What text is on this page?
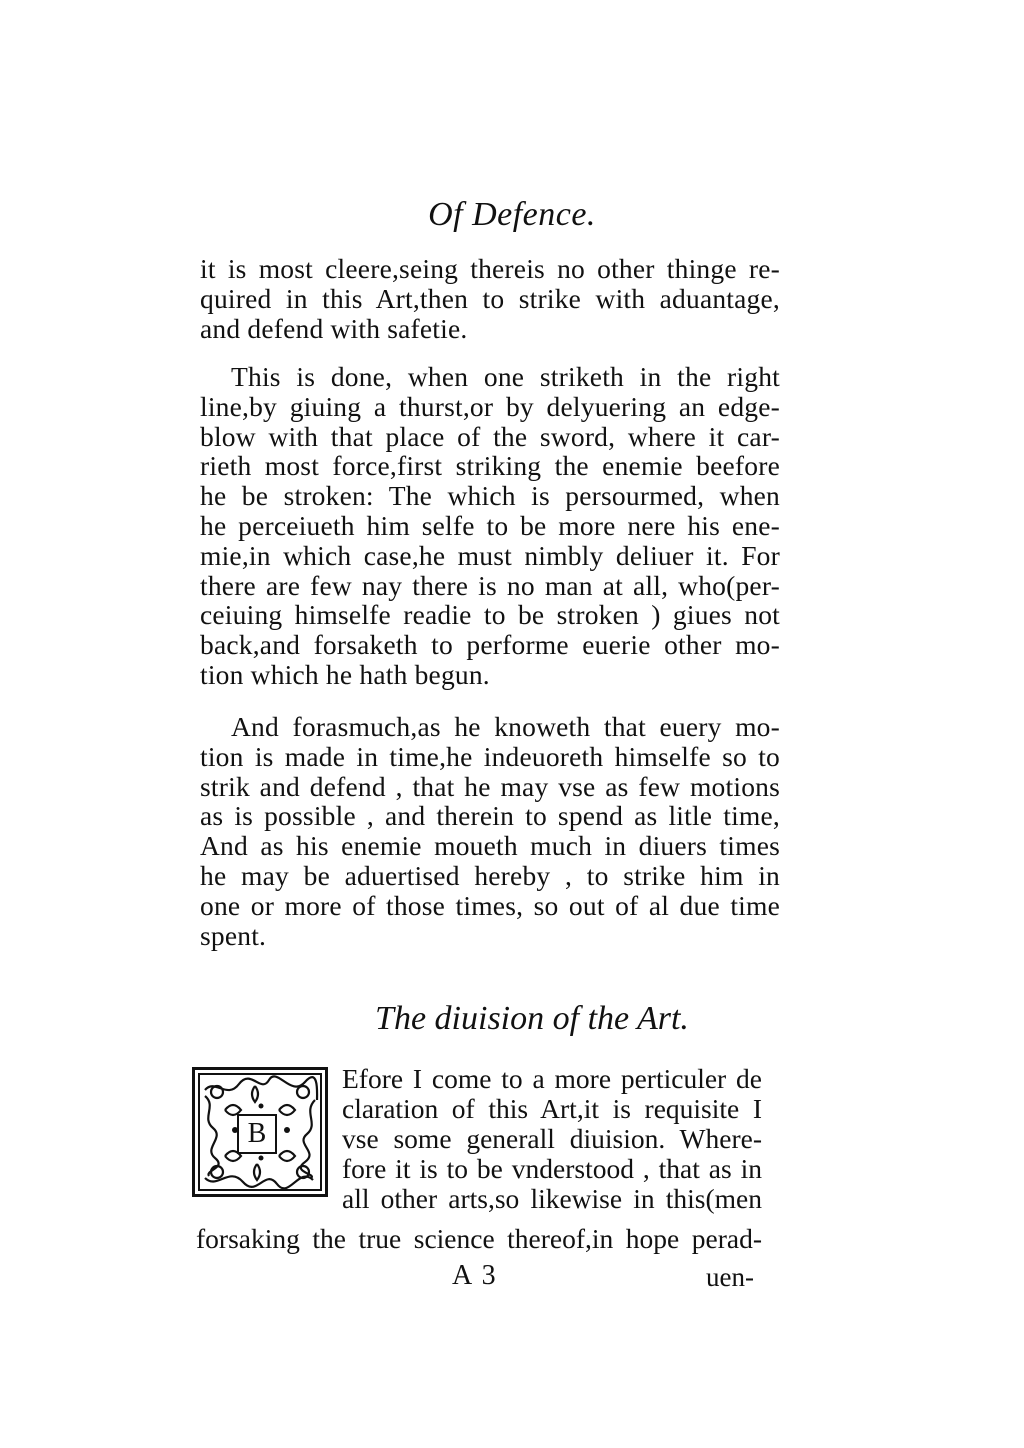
Of Defence.
it is most cleere,seing thereis no other thinge re-
quired in this Art,then to strike with aduantage,
and defend with safetie.
This is done, when one striketh in the right
line,by giuing a thurst,or by delyuering an edge-
blow with that place of the sword, where it car-
rieth most force,first striking the enemie beefore
he be stroken: The which is persourmed, when
he perceiueth him selfe to be more nere his ene-
mie,in which case,he must nimbly deliuer it. For
there are few nay there is no man at all, who(per-
ceiuing himselfe readie to be stroken ) giues not
back,and forsaketh to performe euerie other mo-
tion which he hath begun.
And forasmuch,as he knoweth that euery mo-
tion is made in time,he indeuoreth himselfe so to
strik and defend , that he may vse as few motions
as is possible , and therein to spend as litle time,
And as his enemie moueth much in diuers times
he may be aduertised hereby , to strike him in
one or more of those times, so out of al due time
spent.
The diuision of the Art.
B
Efore I come to a more perticuler de
claration of this Art,it is requisite I
vse some generall diuision. Where-
fore it is to be vnderstood , that as in
all other arts,so likewise in this(men
forsaking the true science thereof,in hope perad-
A 3	uen-
